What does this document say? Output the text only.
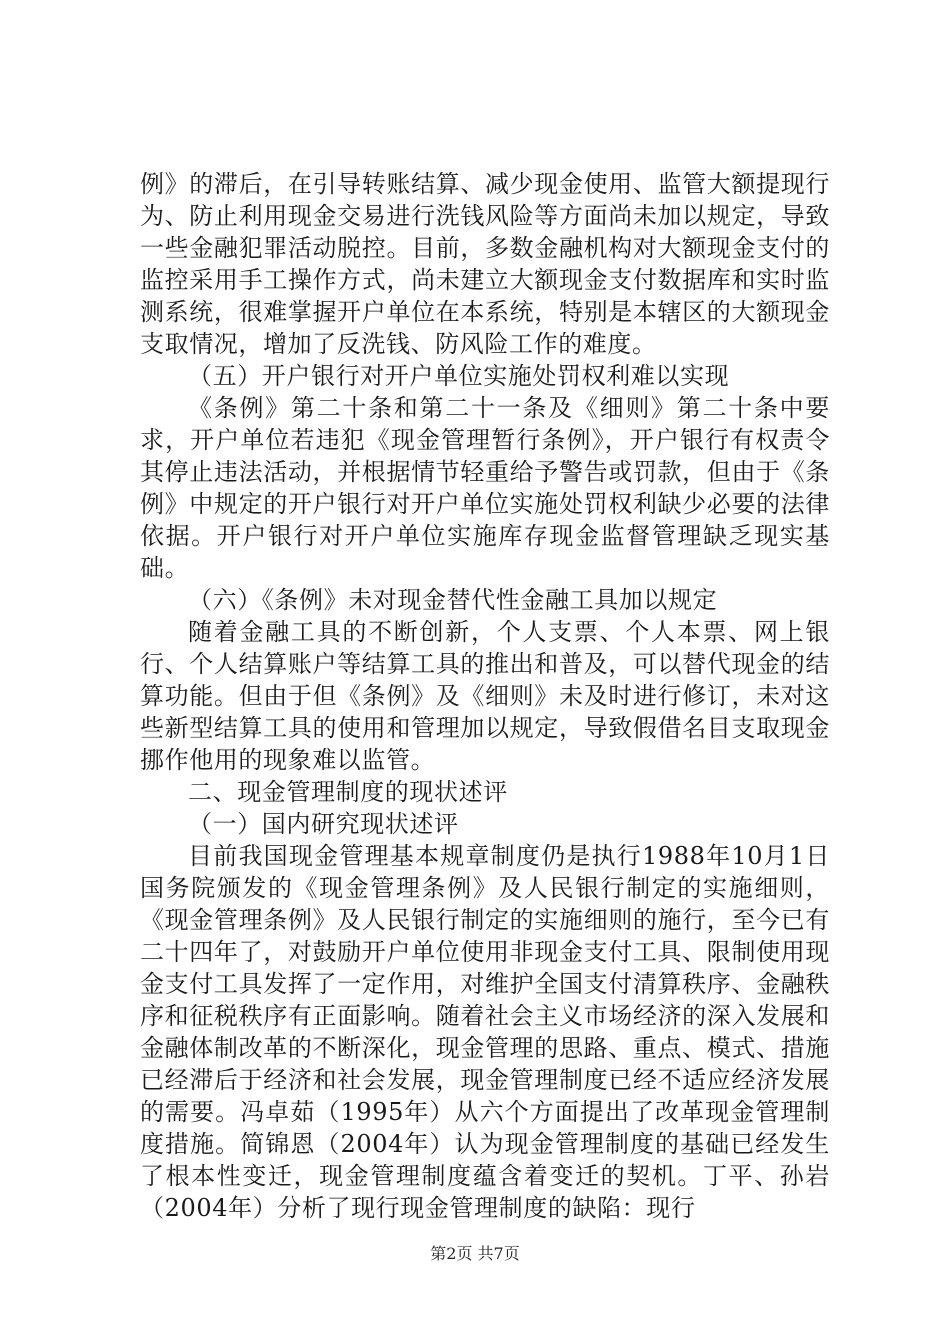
例》的滞后，在引导转账结算、减少现金使用、监管大额提现行为、防止利用现金交易进行洗钱风险等方面尚未加以规定，导致一些金融犯罪活动脱控。目前，多数金融机构对大额现金支付的监控采用手工操作方式，尚未建立大额现金支付数据库和实时监测系统，很难掌握开户单位在本系统，特别是本辖区的大额现金支取情况，增加了反洗钱、防风险工作的难度。

（五）开户银行对开户单位实施处罚权利难以实现

《条例》第二十条和第二十一条及《细则》第二十条中要求，开户单位若违犯《现金管理暂行条例》，开户银行有权责令其停止违法活动，并根据情节轻重给予警告或罚款，但由于《条例》中规定的开户银行对开户单位实施处罚权利缺少必要的法律依据。开户银行对开户单位实施库存现金监督管理缺乏现实基础。

（六）《条例》未对现金替代性金融工具加以规定

随着金融工具的不断创新，个人支票、个人本票、网上银行、个人结算账户等结算工具的推出和普及，可以替代现金的结算功能。但由于但《条例》及《细则》未及时进行修订，未对这些新型结算工具的使用和管理加以规定，导致假借名目支取现金挪作他用的现象难以监管。

二、现金管理制度的现状述评

（一）国内研究现状述评

目前我国现金管理基本规章制度仍是执行1988年10月1日国务院颁发的《现金管理条例》及人民银行制定的实施细则，《现金管理条例》及人民银行制定的实施细则的施行，至今已有二十四年了，对鼓励开户单位使用非现金支付工具、限制使用现金支付工具发挥了一定作用，对维护全国支付清算秩序、金融秩序和征税秩序有正面影响。随着社会主义市场经济的深入发展和金融体制改革的不断深化，现金管理的思路、重点、模式、措施已经滞后于经济和社会发展，现金管理制度已经不适应经济发展的需要。冯卓茹（1995年）从六个方面提出了改革现金管理制度措施。简锦恩（2004年）认为现金管理制度的基础已经发生了根本性变迁，现金管理制度蕴含着变迁的契机。丁平、孙岩（2004年）分析了现行现金管理制度的缺陷：现行

第2页 共7页
